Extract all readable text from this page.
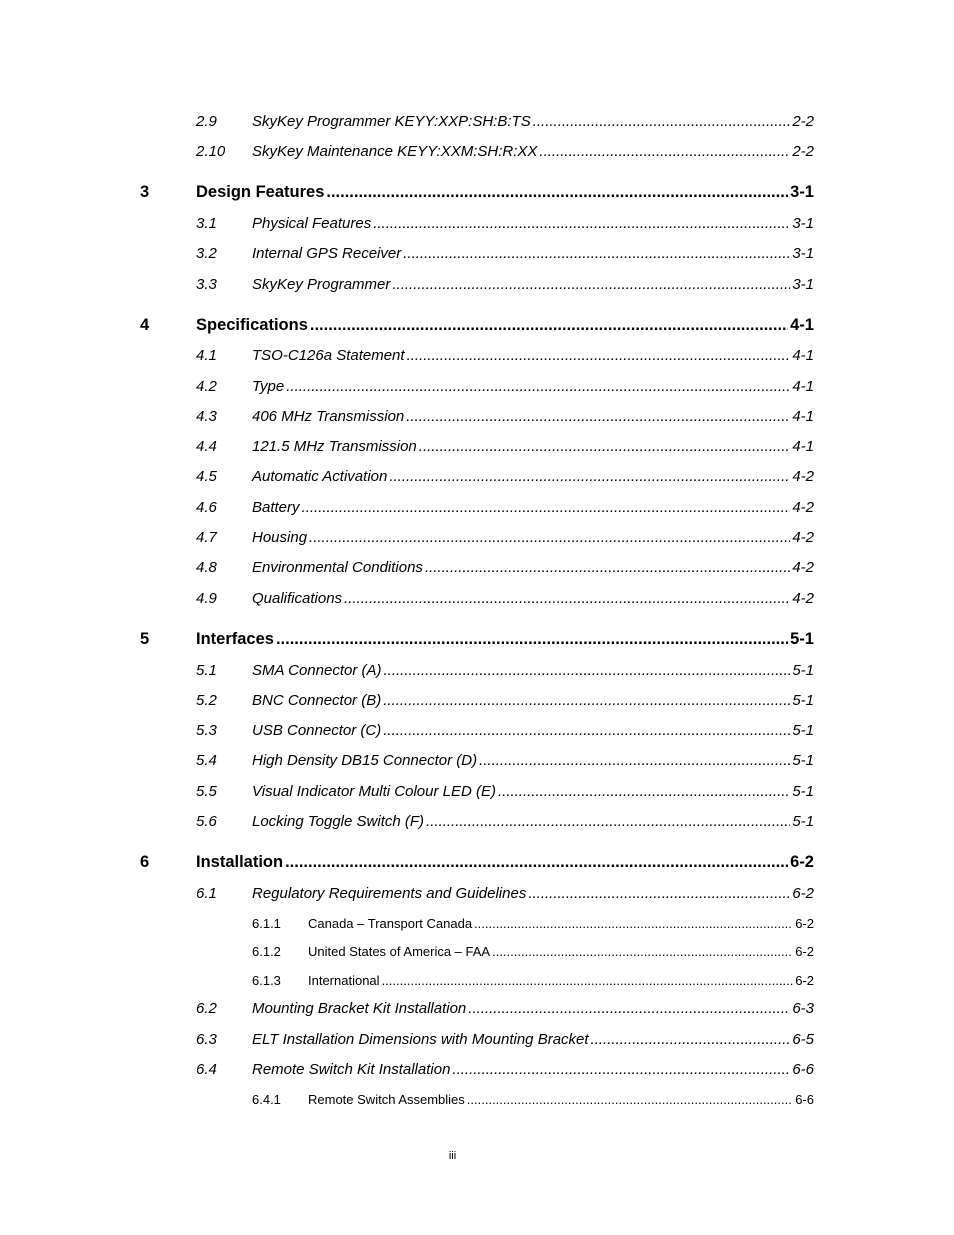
2.9 SkyKey Programmer KEYY:XXP:SH:B:TS .....	2-2
2.10 SkyKey Maintenance KEYY:XXM:SH:R:XX .....	2-2
3	Design Features .....	3-1
3.1 Physical Features .....	3-1
3.2 Internal GPS Receiver .....	3-1
3.3 SkyKey Programmer .....	3-1
4	Specifications .....	4-1
4.1 TSO-C126a Statement .....	4-1
4.2 Type .....	4-1
4.3 406 MHz Transmission .....	4-1
4.4 121.5 MHz Transmission .....	4-1
4.5 Automatic Activation .....	4-2
4.6 Battery .....	4-2
4.7 Housing .....	4-2
4.8 Environmental Conditions .....	4-2
4.9 Qualifications .....	4-2
5	Interfaces .....	5-1
5.1 SMA Connector (A) .....	5-1
5.2 BNC Connector (B) .....	5-1
5.3 USB Connector (C) .....	5-1
5.4 High Density DB15 Connector (D) .....	5-1
5.5 Visual Indicator Multi Colour LED (E) .....	5-1
5.6 Locking Toggle Switch (F) .....	5-1
6	Installation .....	6-2
6.1 Regulatory Requirements and Guidelines .....	6-2
6.1.1 Canada – Transport Canada .....	6-2
6.1.2 United States of America – FAA .....	6-2
6.1.3 International .....	6-2
6.2 Mounting Bracket Kit Installation .....	6-3
6.3 ELT Installation Dimensions with Mounting Bracket .....	6-5
6.4 Remote Switch Kit Installation .....	6-6
6.4.1 Remote Switch Assemblies .....	6-6
iii
